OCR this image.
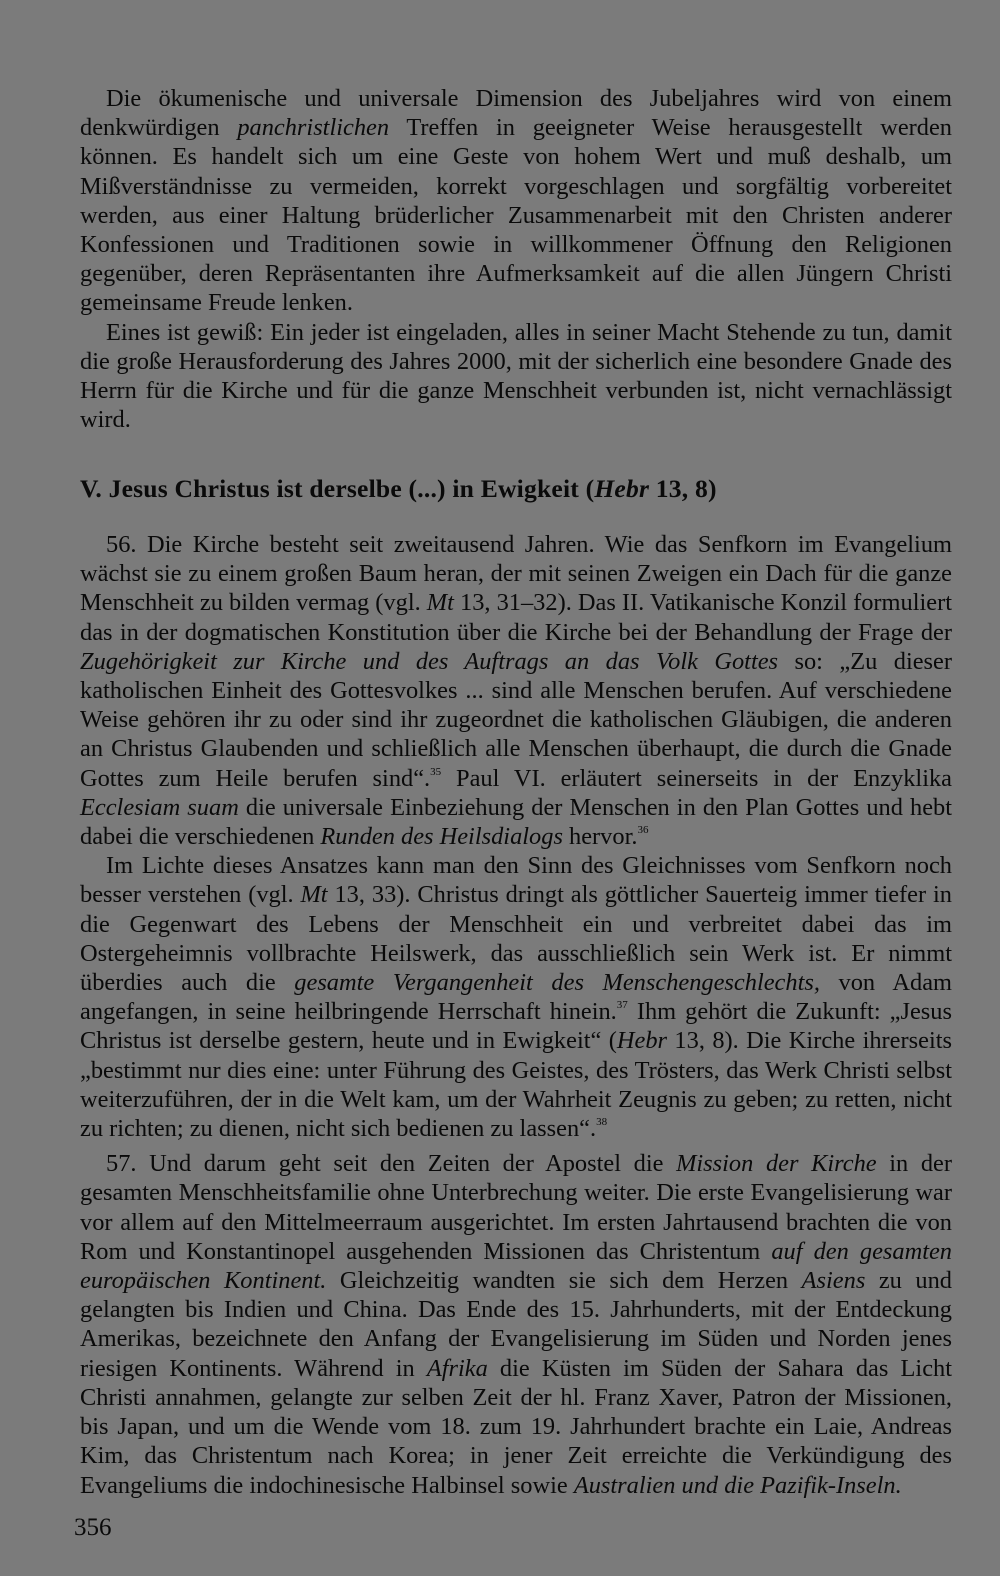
Die ökumenische und universale Dimension des Jubeljahres wird von einem denkwürdigen panchristlichen Treffen in geeigneter Weise herausgestellt werden können. Es handelt sich um eine Geste von hohem Wert und muß deshalb, um Mißverständnisse zu vermeiden, korrekt vorgeschlagen und sorgfältig vorbereitet werden, aus einer Haltung brüderlicher Zusammenarbeit mit den Christen anderer Konfessionen und Traditionen sowie in willkommener Öffnung den Religionen gegenüber, deren Repräsentanten ihre Aufmerksamkeit auf die allen Jüngern Christi gemeinsame Freude lenken.

Eines ist gewiß: Ein jeder ist eingeladen, alles in seiner Macht Stehende zu tun, damit die große Herausforderung des Jahres 2000, mit der sicherlich eine besondere Gnade des Herrn für die Kirche und für die ganze Menschheit verbunden ist, nicht vernachlässigt wird.

V. Jesus Christus ist derselbe (...) in Ewigkeit (Hebr 13, 8)

56. Die Kirche besteht seit zweitausend Jahren. Wie das Senfkorn im Evangelium wächst sie zu einem großen Baum heran, der mit seinen Zweigen ein Dach für die ganze Menschheit zu bilden vermag (vgl. Mt 13, 31–32). Das II. Vatikanische Konzil formuliert das in der dogmatischen Konstitution über die Kirche bei der Behandlung der Frage der Zugehörigkeit zur Kirche und des Auftrags an das Volk Gottes so: „Zu dieser katholischen Einheit des Gottesvolkes ... sind alle Menschen berufen. Auf verschiedene Weise gehören ihr zu oder sind ihr zugeordnet die katholischen Gläubigen, die anderen an Christus Glaubenden und schließlich alle Menschen überhaupt, die durch die Gnade Gottes zum Heile berufen sind“.$^{35}$ Paul VI. erläutert seinerseits in der Enzyklika Ecclesiam suam die universale Einbeziehung der Menschen in den Plan Gottes und hebt dabei die verschiedenen Runden des Heilsdialogs hervor.$^{36}$

Im Lichte dieses Ansatzes kann man den Sinn des Gleichnisses vom Senfkorn noch besser verstehen (vgl. Mt 13, 33). Christus dringt als göttlicher Sauerteig immer tiefer in die Gegenwart des Lebens der Menschheit ein und verbreitet dabei das im Ostergeheimnis vollbrachte Heilswerk, das ausschließlich sein Werk ist. Er nimmt überdies auch die gesamte Vergangenheit des Menschengeschlechts, von Adam angefangen, in seine heilbringende Herrschaft hinein.$^{37}$ Ihm gehört die Zukunft: „Jesus Christus ist derselbe gestern, heute und in Ewigkeit“ (Hebr 13, 8). Die Kirche ihrerseits „bestimmt nur dies eine: unter Führung des Geistes, des Trösters, das Werk Christi selbst weiterzuführen, der in die Welt kam, um der Wahrheit Zeugnis zu geben; zu retten, nicht zu richten; zu dienen, nicht sich bedienen zu lassen“.$^{38}$

57. Und darum geht seit den Zeiten der Apostel die Mission der Kirche in der gesamten Menschheitsfamilie ohne Unterbrechung weiter. Die erste Evangelisierung war vor allem auf den Mittelmeerraum ausgerichtet. Im ersten Jahrtausend brachten die von Rom und Konstantinopel ausgehenden Missionen das Christentum auf den gesamten europäischen Kontinent. Gleichzeitig wandten sie sich dem Herzen Asiens zu und gelangten bis Indien und China. Das Ende des 15. Jahrhunderts, mit der Entdeckung Amerikas, bezeichnete den Anfang der Evangelisierung im Süden und Norden jenes riesigen Kontinents. Während in Afrika die Küsten im Süden der Sahara das Licht Christi annahmen, gelangte zur selben Zeit der hl. Franz Xaver, Patron der Missionen, bis Japan, und um die Wende vom 18. zum 19. Jahrhundert brachte ein Laie, Andreas Kim, das Christentum nach Korea; in jener Zeit erreichte die Verkündigung des Evangeliums die indochinesische Halbinsel sowie Australien und die Pazifik-Inseln.

356
